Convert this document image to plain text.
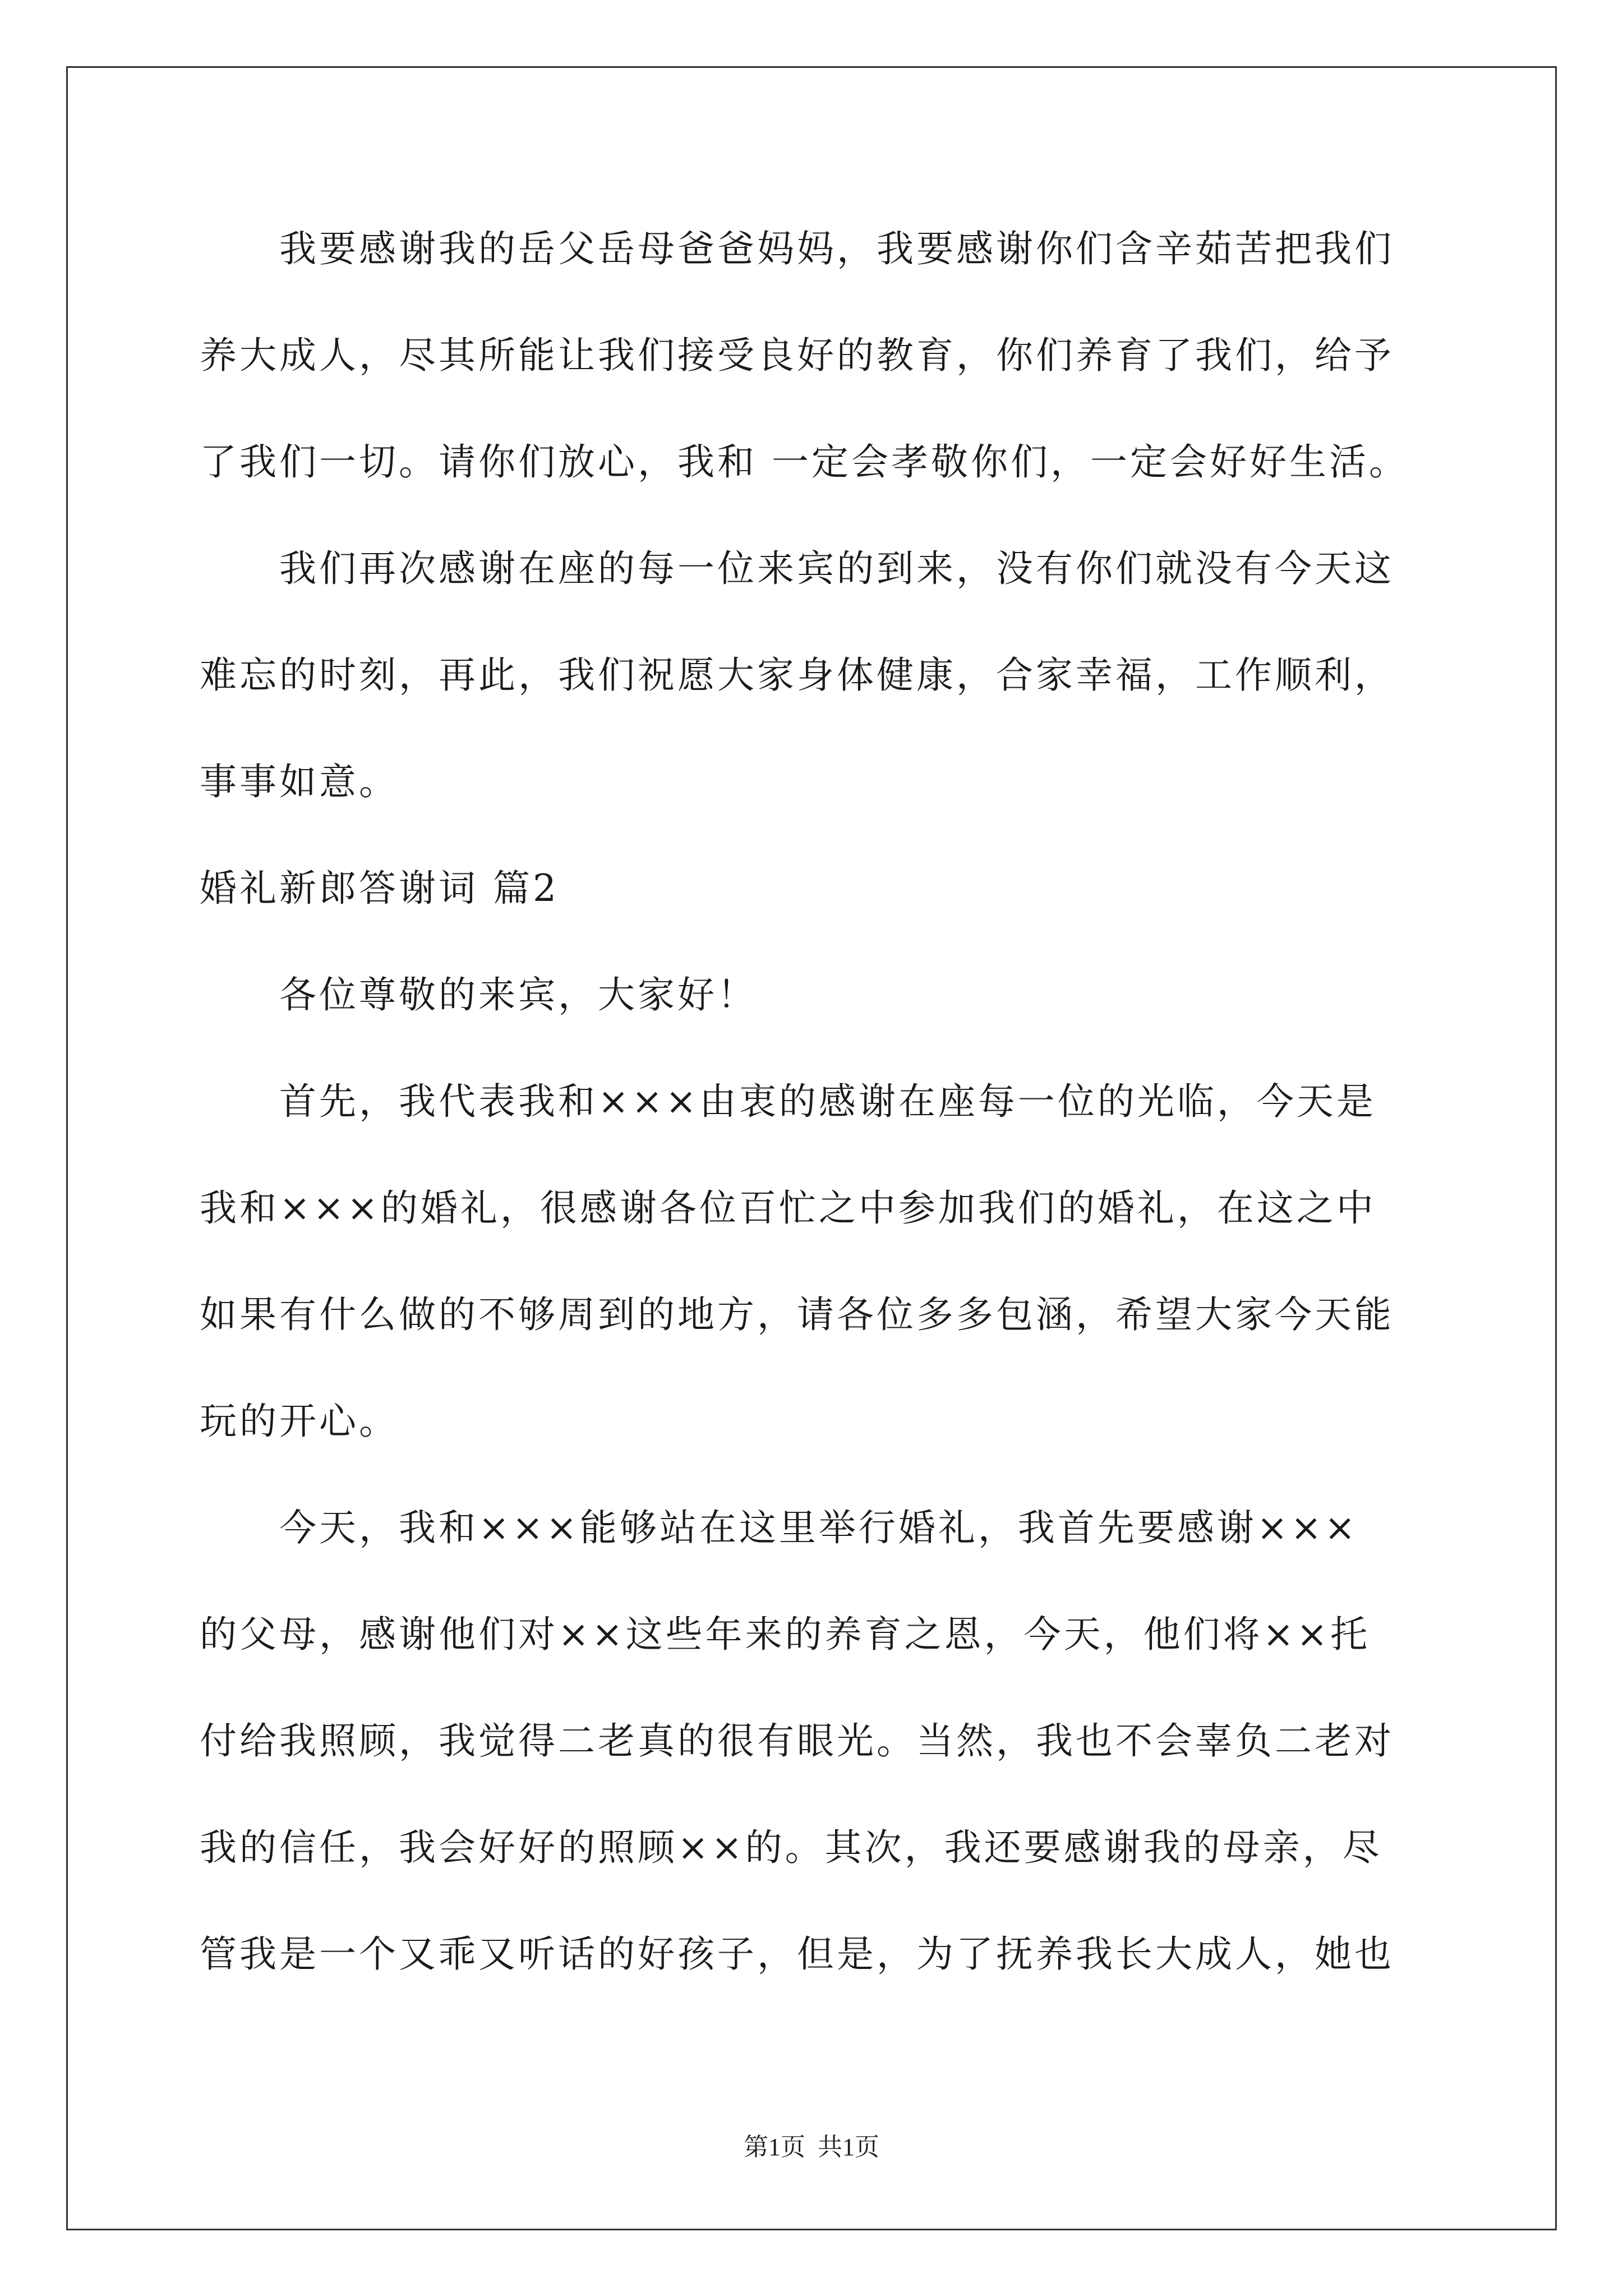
　　我要感谢我的岳父岳母爸爸妈妈，我要感谢你们含辛茹苦把我们

养大成人，尽其所能让我们接受良好的教育，你们养育了我们，给予

了我们一切。请你们放心，我和 一定会孝敬你们，一定会好好生活。

　　我们再次感谢在座的每一位来宾的到来，没有你们就没有今天这

难忘的时刻，再此，我们祝愿大家身体健康，合家幸福，工作顺利，

事事如意。

婚礼新郎答谢词 篇2

　　各位尊敬的来宾，大家好！

　　首先，我代表我和×××由衷的感谢在座每一位的光临，今天是

我和×××的婚礼，很感谢各位百忙之中参加我们的婚礼，在这之中

如果有什么做的不够周到的地方，请各位多多包涵，希望大家今天能

玩的开心。

　　今天，我和×××能够站在这里举行婚礼，我首先要感谢×××

的父母，感谢他们对××这些年来的养育之恩，今天，他们将××托

付给我照顾，我觉得二老真的很有眼光。当然，我也不会辜负二老对

我的信任，我会好好的照顾××的。其次，我还要感谢我的母亲，尽

管我是一个又乖又听话的好孩子，但是，为了抚养我长大成人，她也

第1页  共1页
